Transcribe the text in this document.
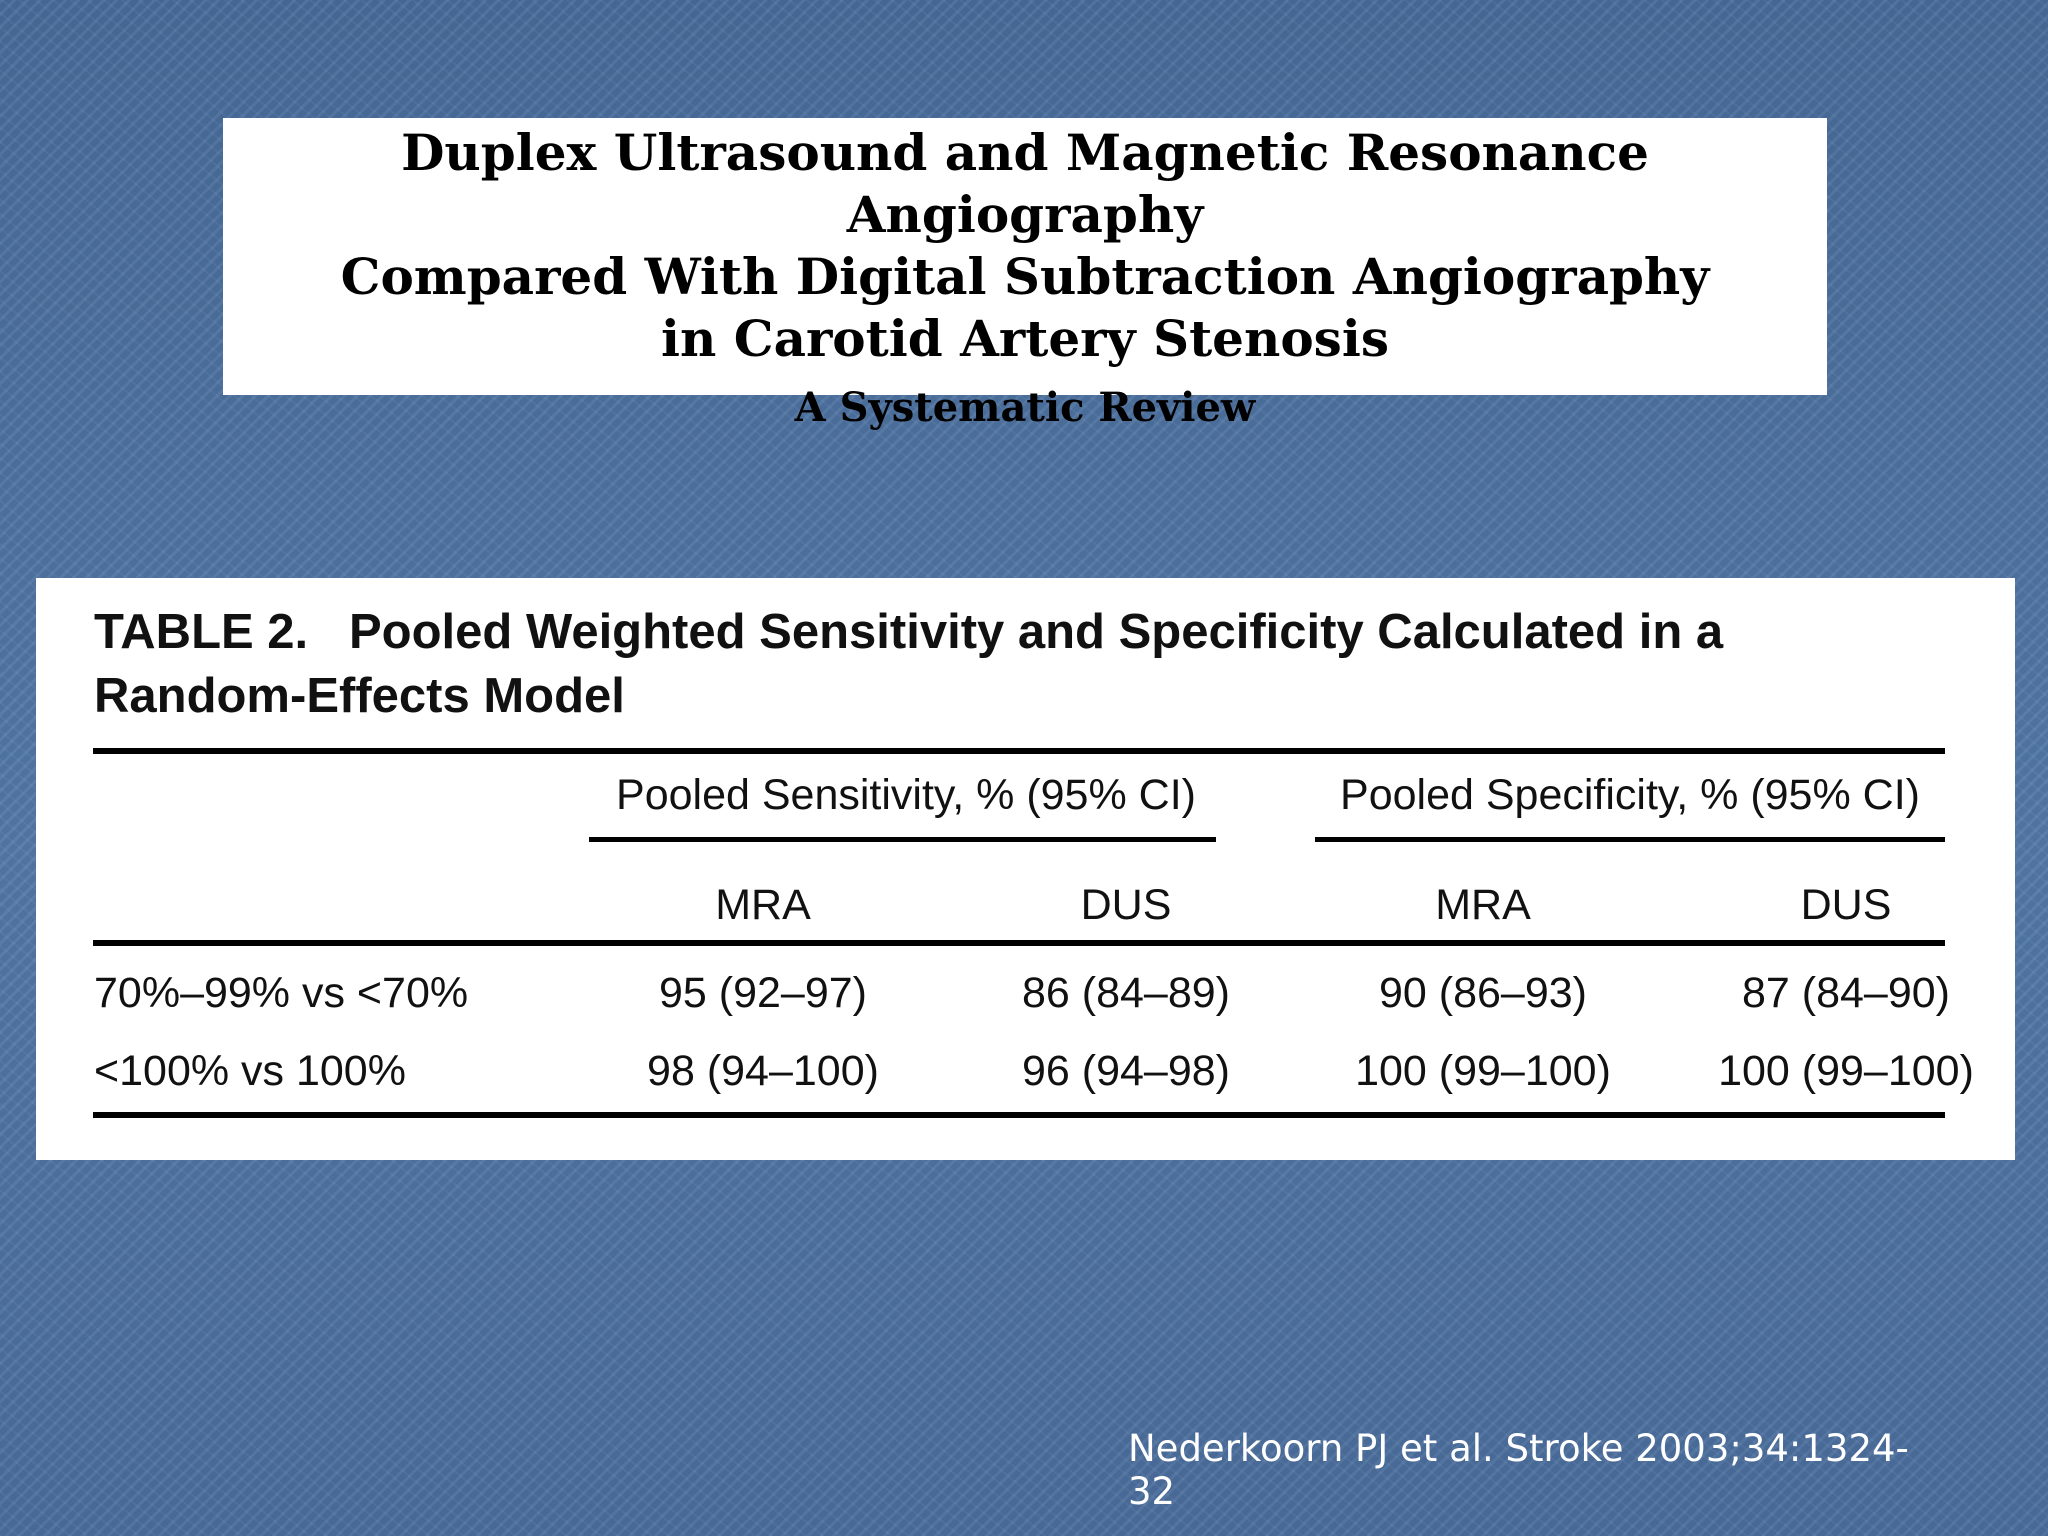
Duplex Ultrasound and Magnetic Resonance Angiography
Compared With Digital Subtraction Angiography
in Carotid Artery Stenosis
A Systematic Review
TABLE 2.   Pooled Weighted Sensitivity and Specificity Calculated in a
Random-Effects Model
Pooled Sensitivity, % (95% CI)	Pooled Specificity, % (95% CI)
MRA	DUS	MRA	DUS
70%–99% vs <70%	95 (92–97)	86 (84–89)	90 (86–93)	87 (84–90)
<100% vs 100%	98 (94–100)	96 (94–98)	100 (99–100)	100 (99–100)
Nederkoorn PJ et al. Stroke 2003;34:1324-32
